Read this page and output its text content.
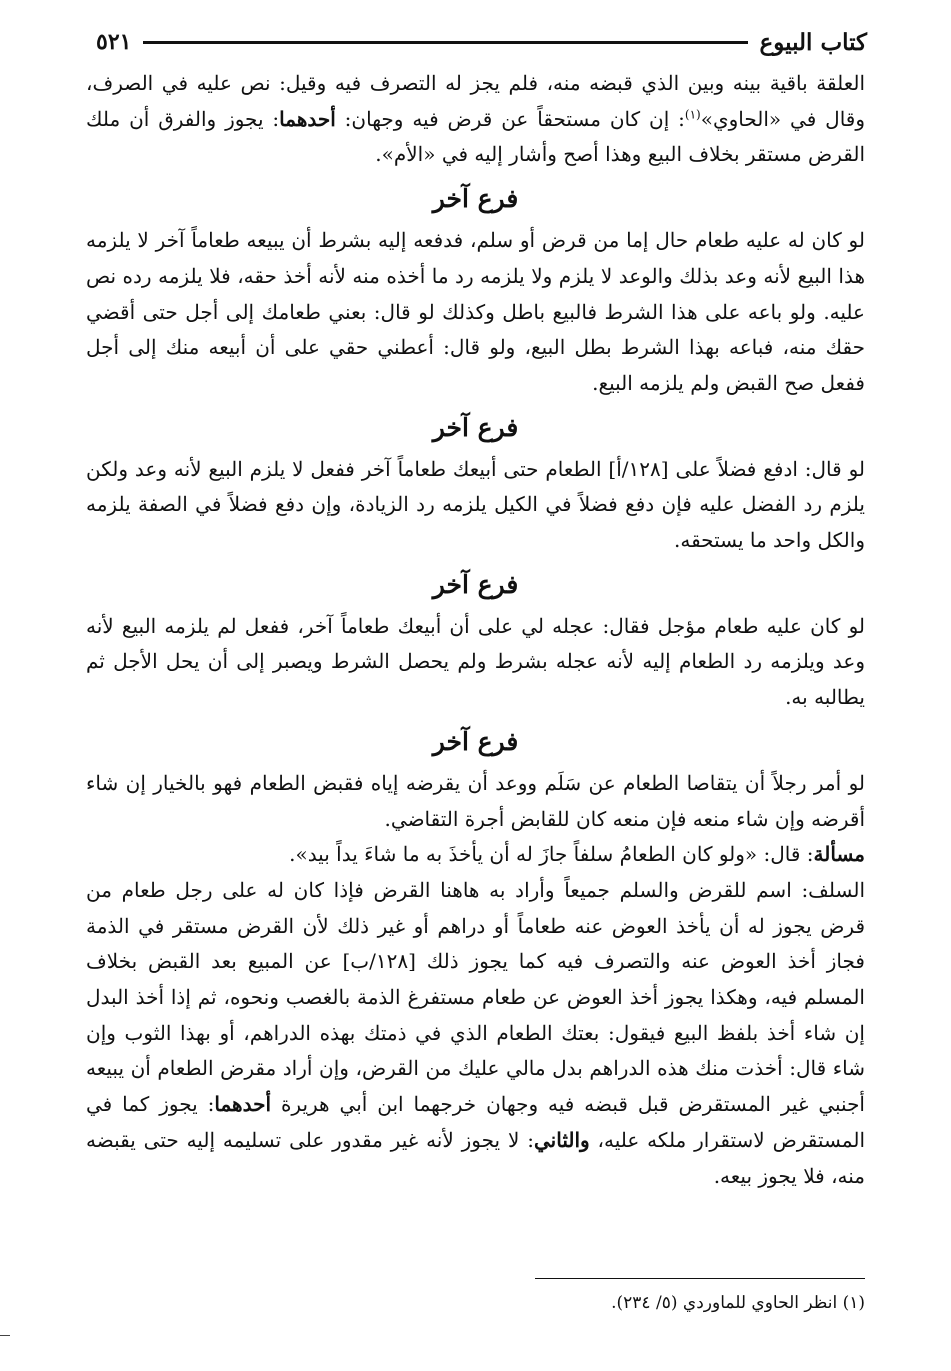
٥٢١	كتاب البيوع

العلقة باقية بينه وبين الذي قبضه منه، فلم يجز له التصرف فيه وقيل: نص عليه في الصرف، وقال في «الحاوي»$^{(١)}$: إن كان مستحقاً عن قرض فيه وجهان: أحدهما: يجوز والفرق أن ملك القرض مستقر بخلاف البيع وهذا أصح وأشار إليه في «الأم».

فرع آخر

لو كان له عليه طعام حال إما من قرض أو سلم، فدفعه إليه بشرط أن يبيعه طعاماً آخر لا يلزمه هذا البيع لأنه وعد بذلك والوعد لا يلزم ولا يلزمه رد ما أخذه منه لأنه أخذ حقه، فلا يلزمه رده نص عليه. ولو باعه على هذا الشرط فالبيع باطل وكذلك لو قال: بعني طعامك إلى أجل حتى أقضي حقك منه، فباعه بهذا الشرط بطل البيع، ولو قال: أعطني حقي على أن أبيعه منك إلى أجل ففعل صح القبض ولم يلزمه البيع.

فرع آخر

لو قال: ادفع فضلاً على [١٢٨/أ] الطعام حتى أبيعك طعاماً آخر ففعل لا يلزم البيع لأنه وعد ولكن يلزم رد الفضل عليه فإن دفع فضلاً في الكيل يلزمه رد الزيادة، وإن دفع فضلاً في الصفة يلزمه والكل واحد ما يستحقه.

فرع آخر

لو كان عليه طعام مؤجل فقال: عجله لي على أن أبيعك طعاماً آخر، ففعل لم يلزمه البيع لأنه وعد ويلزمه رد الطعام إليه لأنه عجله بشرط ولم يحصل الشرط ويصبر إلى أن يحل الأجل ثم يطالبه به.

فرع آخر

لو أمر رجلاً أن يتقاصا الطعام عن سَلَم ووعد أن يقرضه إياه فقبض الطعام فهو بالخيار إن شاء أقرضه وإن شاء منعه فإن منعه كان للقابض أجرة التقاضي.

مسألة: قال: «ولو كان الطعامُ سلفاً جازَ له أن يأخذَ به ما شاءَ يداً بيد».

السلف: اسم للقرض والسلم جميعاً وأراد به هاهنا القرض فإذا كان له على رجل طعام من قرض يجوز له أن يأخذ العوض عنه طعاماً أو دراهم أو غير ذلك لأن القرض مستقر في الذمة فجاز أخذ العوض عنه والتصرف فيه كما يجوز ذلك [١٢٨/ب] عن المبيع بعد القبض بخلاف المسلم فيه، وهكذا يجوز أخذ العوض عن طعام مستفرغ الذمة بالغصب ونحوه، ثم إذا أخذ البدل إن شاء أخذ بلفظ البيع فيقول: بعتك الطعام الذي في ذمتك بهذه الدراهم، أو بهذا الثوب وإن شاء قال: أخذت منك هذه الدراهم بدل مالي عليك من القرض، وإن أراد مقرض الطعام أن يبيعه أجنبي غير المستقرض قبل قبضه فيه وجهان خرجهما ابن أبي هريرة أحدهما: يجوز كما في المستقرض لاستقرار ملكه عليه، والثاني: لا يجوز لأنه غير مقدور على تسليمه إليه حتى يقبضه منه، فلا يجوز بيعه.

(١) انظر الحاوي للماوردي (٥/ ٢٣٤).
